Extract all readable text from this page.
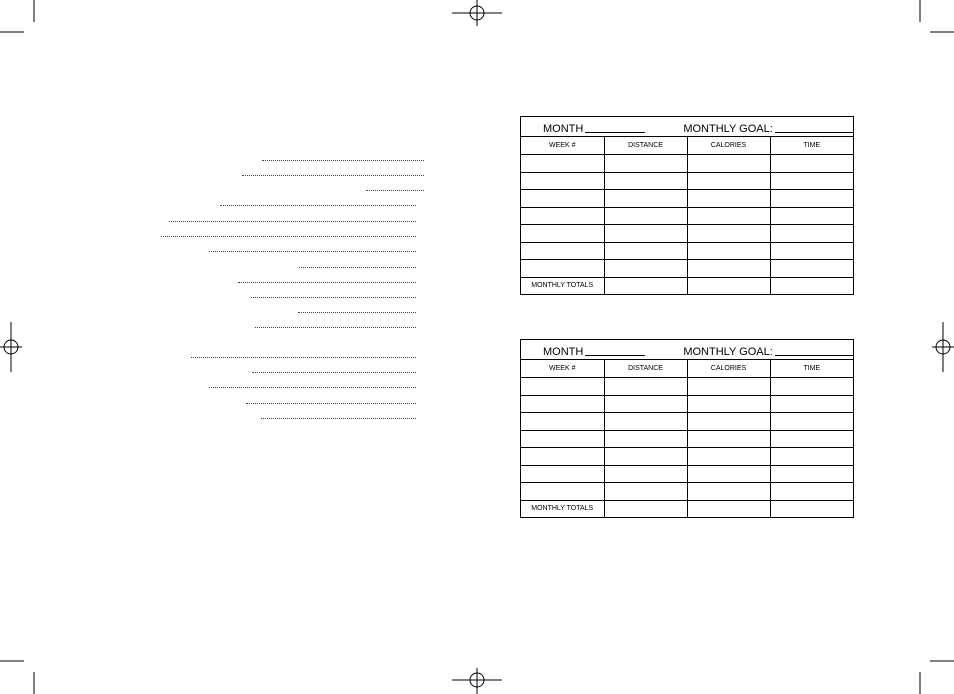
MONTH	MONTHLY GOAL:
WEEK #	DISTANCE	CALORIES	TIME

MONTHLY TOTALS			
MONTH	MONTHLY GOAL:
WEEK #	DISTANCE	CALORIES	TIME

MONTHLY TOTALS			
